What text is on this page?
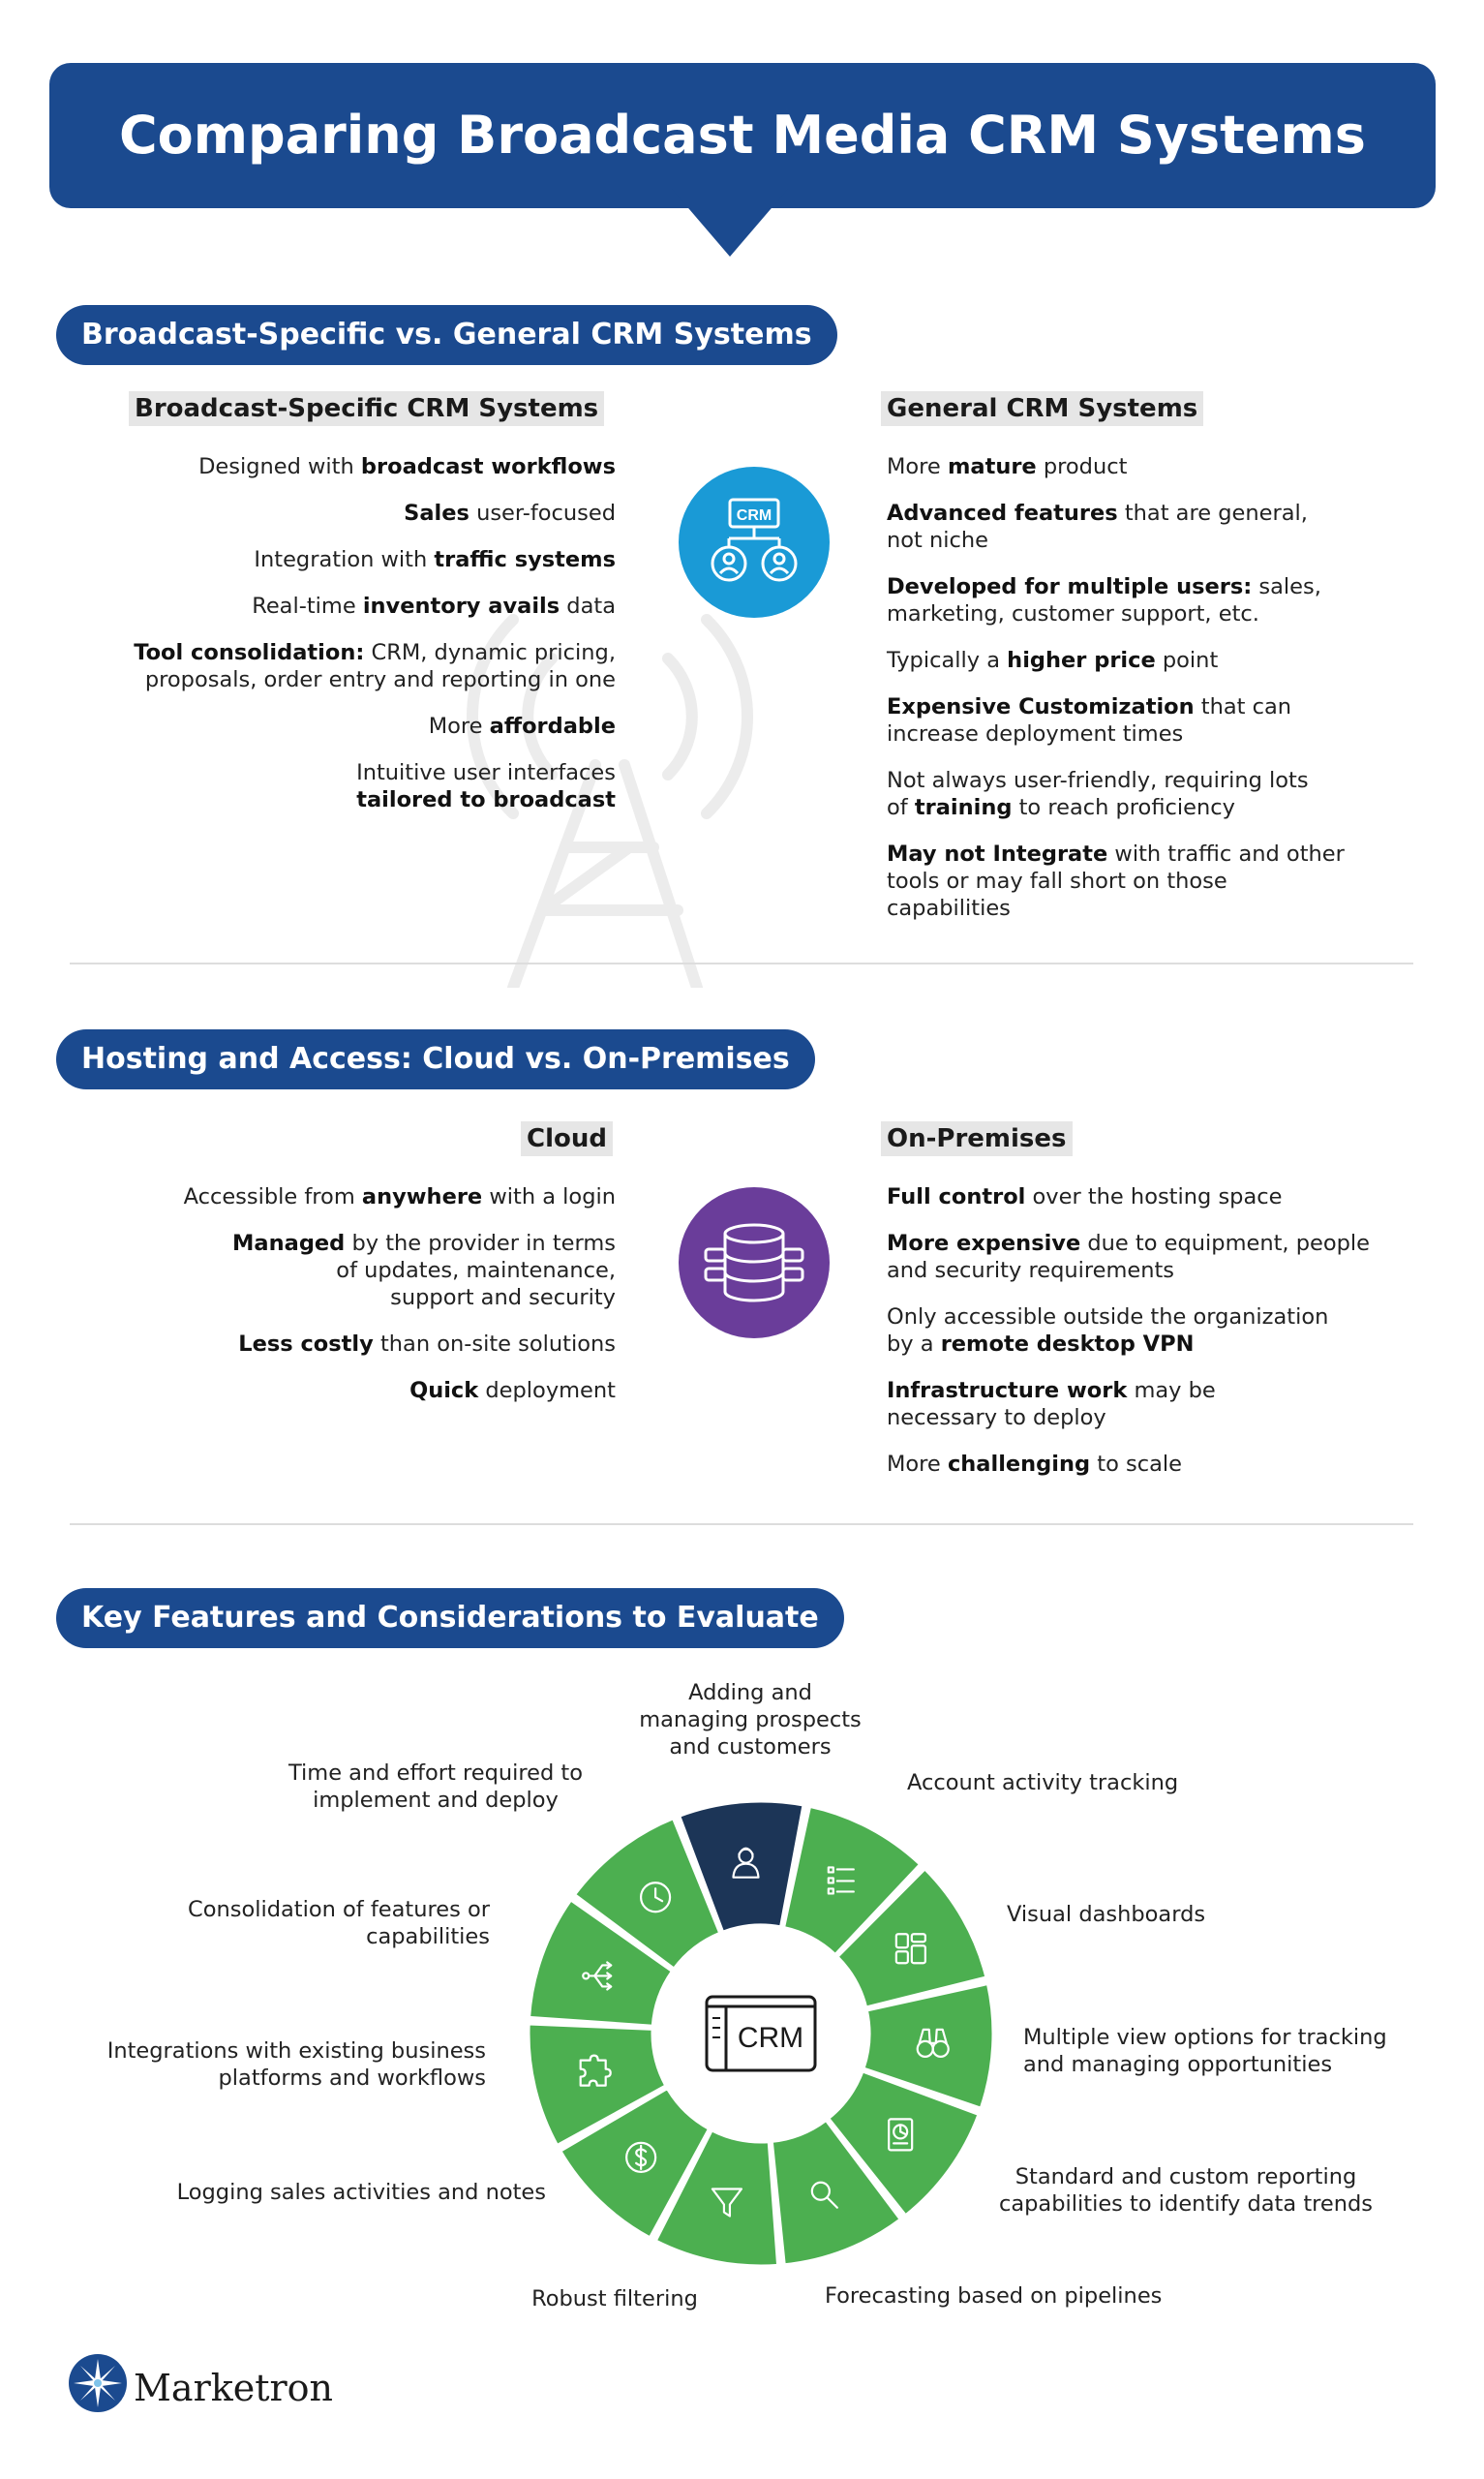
Comparing Broadcast Media CRM Systems
Broadcast-Specific vs. General CRM Systems
Broadcast-Specific CRM Systems	General CRM Systems
Designed with broadcast workflows
Sales user-focused
Integration with traffic systems
Real-time inventory avails data
Tool consolidation: CRM, dynamic pricing,
proposals, order entry and reporting in one
More affordable
Intuitive user interfaces
tailored to broadcast
More mature product
Advanced features that are general,
not niche
Developed for multiple users: sales,
marketing, customer support, etc.
Typically a higher price point
Expensive Customization that can
increase deployment times
Not always user-friendly, requiring lots
of training to reach proficiency
May not Integrate with traffic and other
tools or may fall short on those
capabilities
CRM
Hosting and Access: Cloud vs. On-Premises
Cloud	On-Premises
Accessible from anywhere with a login
Managed by the provider in terms
of updates, maintenance,
support and security
Less costly than on-site solutions
Quick deployment
Full control over the hosting space
More expensive due to equipment, people
and security requirements
Only accessible outside the organization
by a remote desktop VPN
Infrastructure work may be
necessary to deploy
More challenging to scale
Key Features and Considerations to Evaluate
CRM
Adding and
managing prospects
and customers
Account activity tracking
Visual dashboards
Multiple view options for tracking
and managing opportunities
Standard and custom reporting
capabilities to identify data trends
Forecasting based on pipelines
Robust filtering
Logging sales activities and notes
Integrations with existing business
platforms and workflows
Consolidation of features or
capabilities
Time and effort required to
implement and deploy
Marketron
